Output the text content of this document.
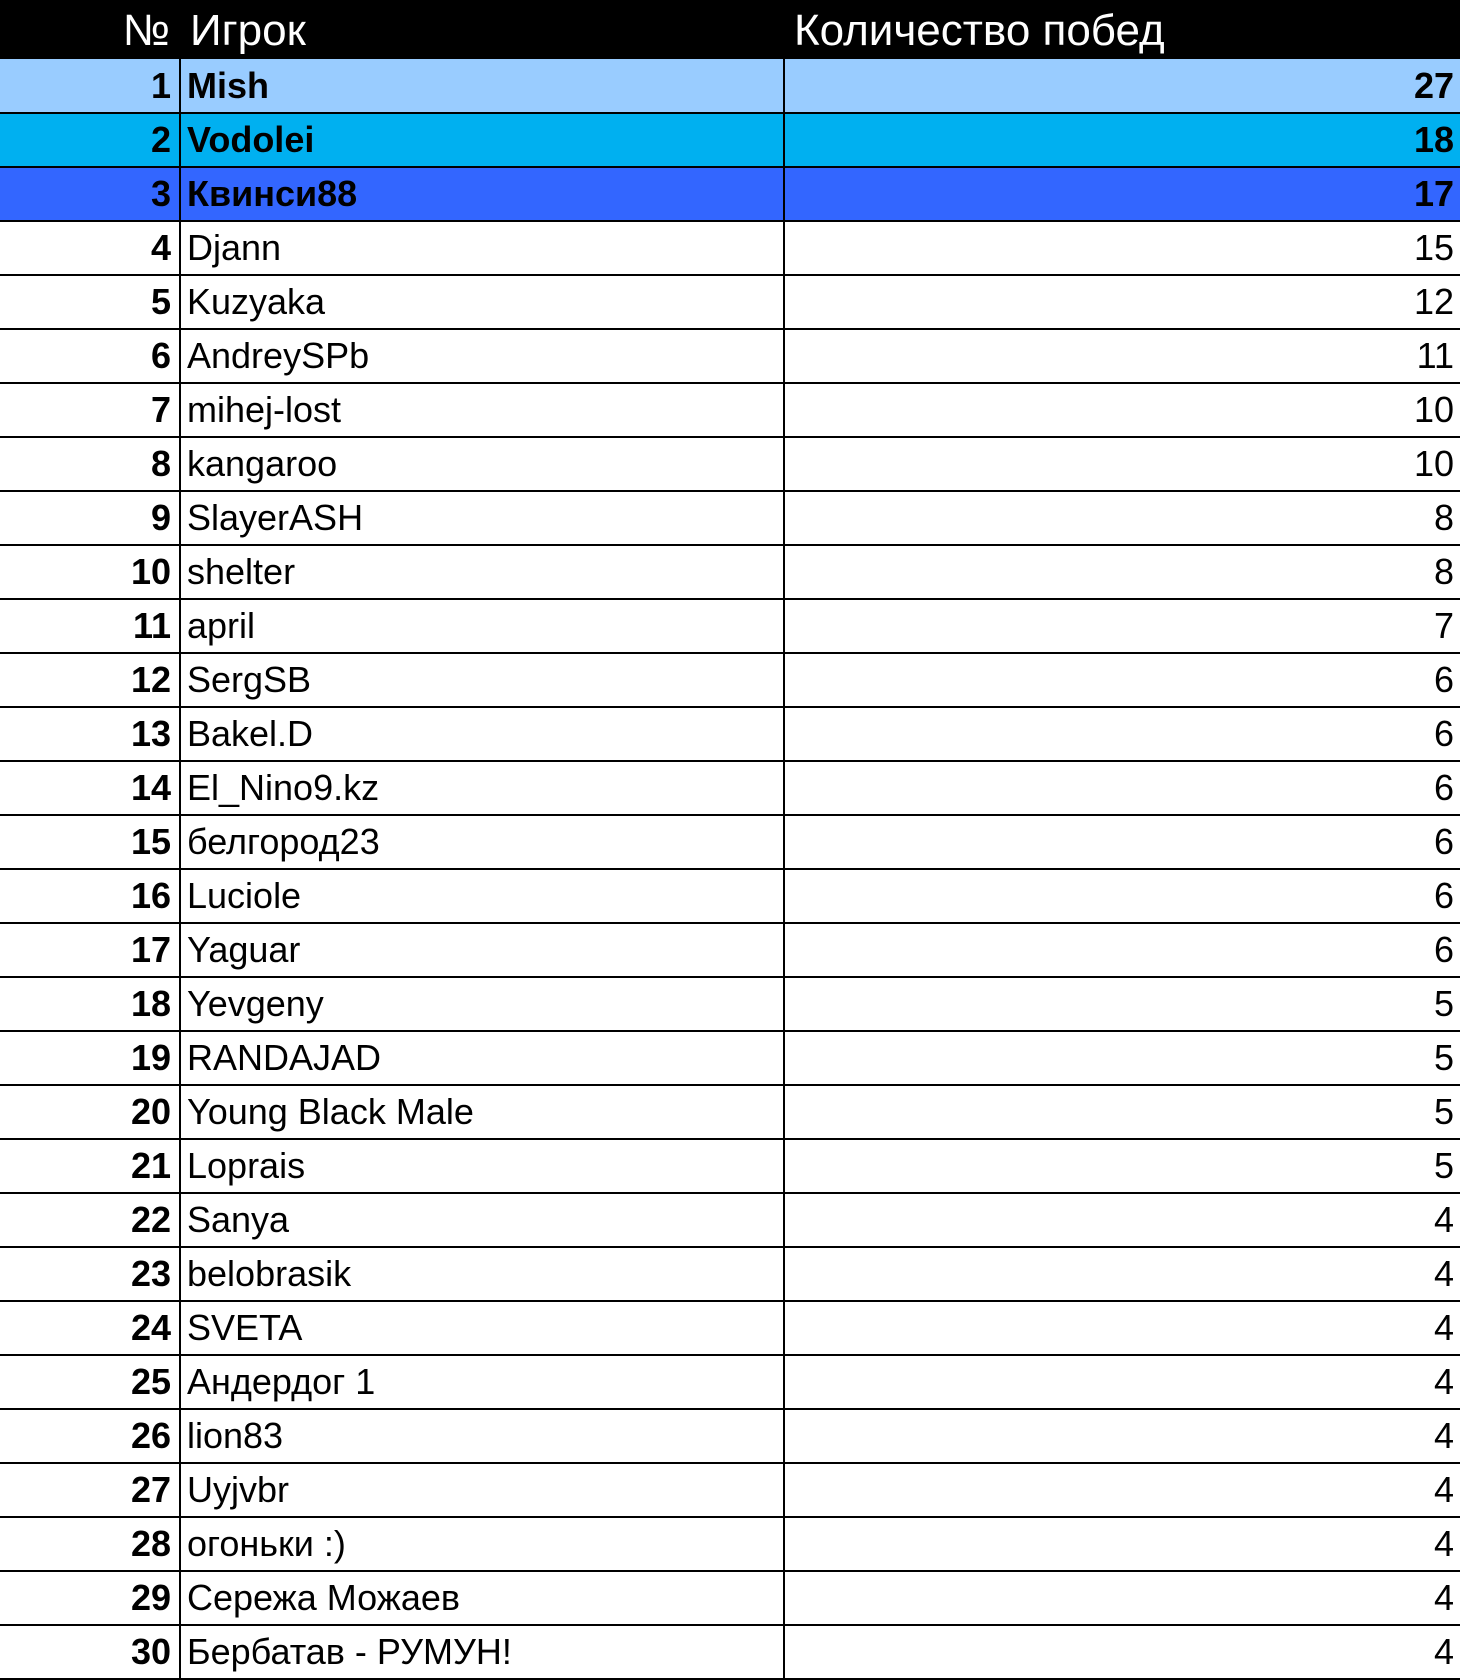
№	Игрок	Количество побед
1	Mish	27
2	Vodolei	18
3	Квинси88	17
4	Djann	15
5	Kuzyaka	12
6	AndreySPb	11
7	mihej-lost	10
8	kangaroo	10
9	SlayerASH	8
10	shelter	8
11	april	7
12	SergSB	6
13	Bakel.D	6
14	El_Nino9.kz	6
15	белгород23	6
16	Luciole	6
17	Yaguar	6
18	Yevgeny	5
19	RANDAJAD	5
20	Young Black Male	5
21	Loprais	5
22	Sanya	4
23	belobrasik	4
24	SVETA	4
25	Андердог 1	4
26	lion83	4
27	Uyjvbr	4
28	огоньки :)	4
29	Сережа Можаев	4
30	Бербатав - РУМУН!	4
